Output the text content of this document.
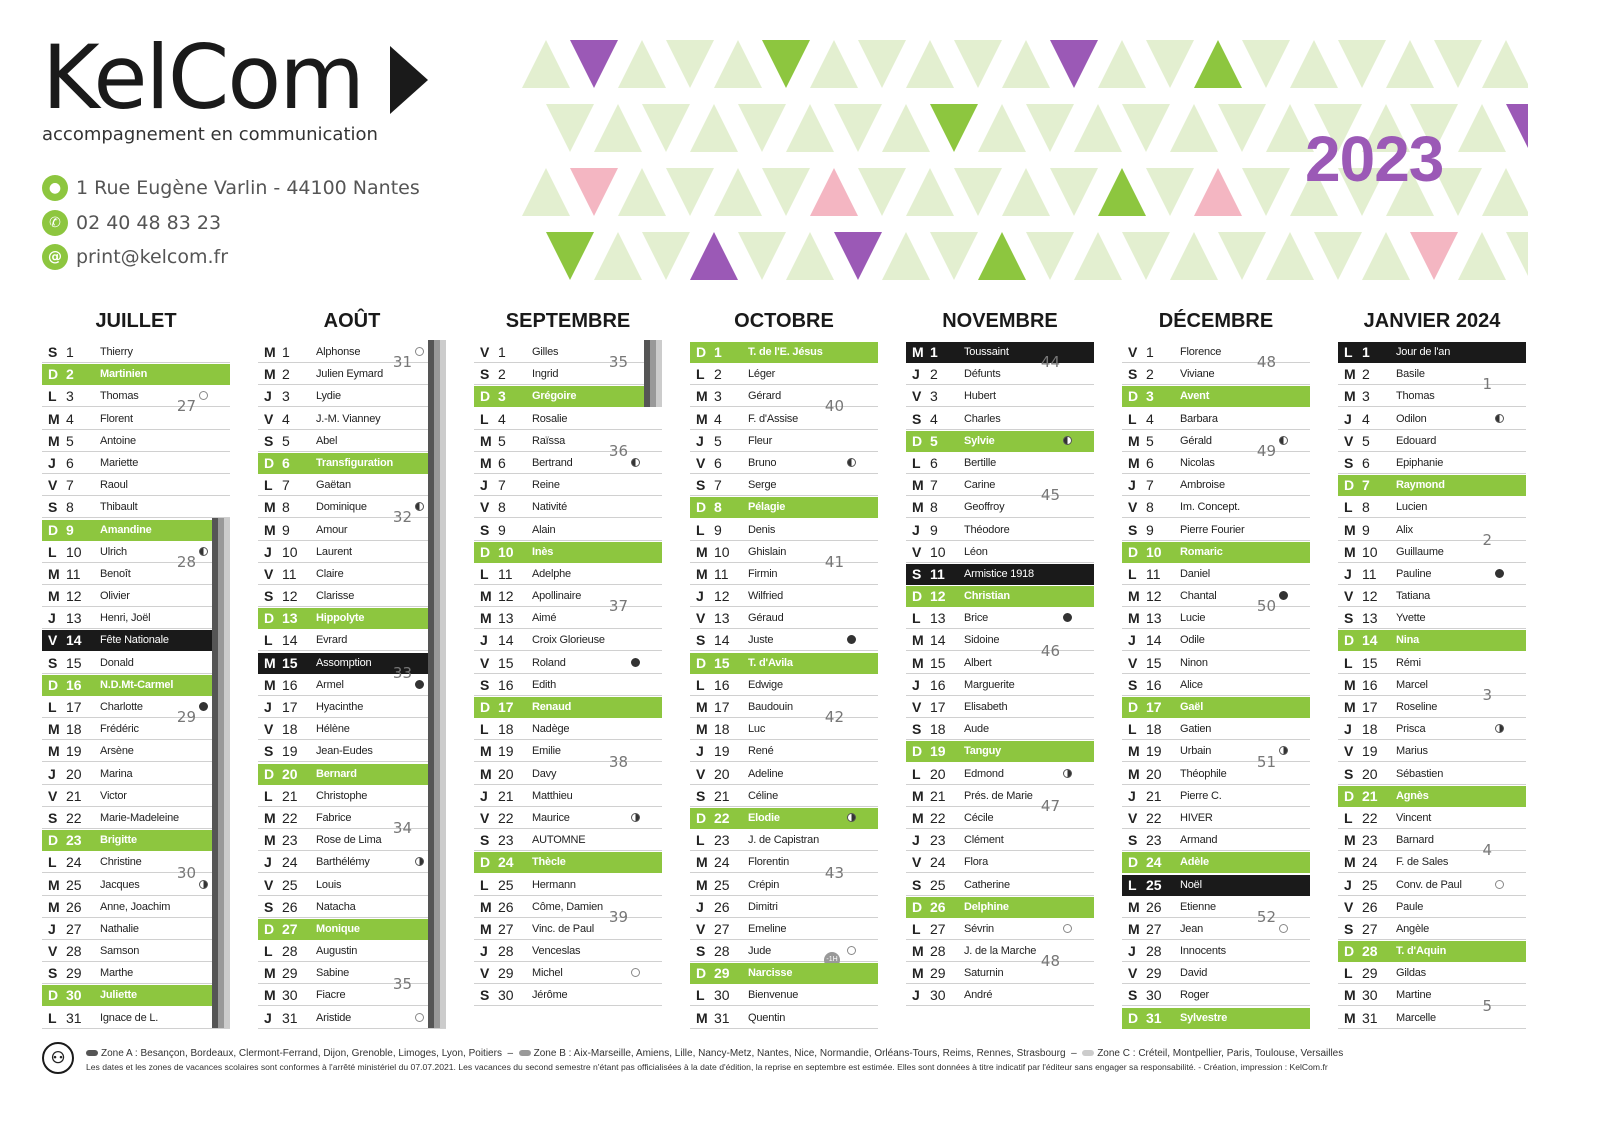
KelCom
accompagnement en communication
● 1 Rue Eugène Varlin - 44100 Nantes
✆ 02 40 48 83 23
@ print@kelcom.fr
2023
JUILLET
S 1	Thierry
D 2	Martinien
L 3	Thomas
M 4	Florent
M 5	Antoine
J 6	Mariette
V 7	Raoul
S 8	Thibault
D 9	Amandine
L 10	Ulrich
M 11	Benoît
M 12	Olivier
J 13	Henri, Joël
V 14	Fête Nationale
S 15	Donald
D 16	N.D.Mt-Carmel
L 17	Charlotte
M 18	Frédéric
M 19	Arsène
J 20	Marina
V 21	Victor
S 22	Marie-Madeleine
D 23	Brigitte
L 24	Christine
M 25	Jacques
M 26	Anne, Joachim
J 27	Nathalie
V 28	Samson
S 29	Marthe
D 30	Juliette
L 31	Ignace de L.
27
28
29
30
AOÛT
M 1	Alphonse
M 2	Julien Eymard
J 3	Lydie
V 4	J.-M. Vianney
S 5	Abel
D 6	Transfiguration
L 7	Gaëtan
M 8	Dominique
M 9	Amour
J 10	Laurent
V 11	Claire
S 12	Clarisse
D 13	Hippolyte
L 14	Evrard
M 15	Assomption
M 16	Armel
J 17	Hyacinthe
V 18	Hélène
S 19	Jean-Eudes
D 20	Bernard
L 21	Christophe
M 22	Fabrice
M 23	Rose de Lima
J 24	Barthélémy
V 25	Louis
S 26	Natacha
D 27	Monique
L 28	Augustin
M 29	Sabine
M 30	Fiacre
J 31	Aristide
31
32
33
34
35
SEPTEMBRE
V 1	Gilles
S 2	Ingrid
D 3	Grégoire
L 4	Rosalie
M 5	Raïssa
M 6	Bertrand
J 7	Reine
V 8	Nativité
S 9	Alain
D 10	Inès
L 11	Adelphe
M 12	Apollinaire
M 13	Aimé
J 14	Croix Glorieuse
V 15	Roland
S 16	Edith
D 17	Renaud
L 18	Nadège
M 19	Emilie
M 20	Davy
J 21	Matthieu
V 22	Maurice
S 23	AUTOMNE
D 24	Thècle
L 25	Hermann
M 26	Côme, Damien
M 27	Vinc. de Paul
J 28	Venceslas
V 29	Michel
S 30	Jérôme
35
36
37
38
39
OCTOBRE
D 1	T. de l'E. Jésus
L 2	Léger
M 3	Gérard
M 4	F. d'Assise
J 5	Fleur
V 6	Bruno
S 7	Serge
D 8	Pélagie
L 9	Denis
M 10	Ghislain
M 11	Firmin
J 12	Wilfried
V 13	Géraud
S 14	Juste
D 15	T. d'Avila
L 16	Edwige
M 17	Baudouin
M 18	Luc
J 19	René
V 20	Adeline
S 21	Céline
D 22	Elodie
L 23	J. de Capistran
M 24	Florentin
M 25	Crépin
J 26	Dimitri
V 27	Emeline
S 28	Jude
-1H
D 29	Narcisse
L 30	Bienvenue
M 31	Quentin
40
41
42
43
NOVEMBRE
M 1	Toussaint
J 2	Défunts
V 3	Hubert
S 4	Charles
D 5	Sylvie
L 6	Bertille
M 7	Carine
M 8	Geoffroy
J 9	Théodore
V 10	Léon
S 11	Armistice 1918
D 12	Christian
L 13	Brice
M 14	Sidoine
M 15	Albert
J 16	Marguerite
V 17	Elisabeth
S 18	Aude
D 19	Tanguy
L 20	Edmond
M 21	Prés. de Marie
M 22	Cécile
J 23	Clément
V 24	Flora
S 25	Catherine
D 26	Delphine
L 27	Sévrin
M 28	J. de la Marche
M 29	Saturnin
J 30	André
44
45
46
47
48
DÉCEMBRE
V 1	Florence
S 2	Viviane
D 3	Avent
L 4	Barbara
M 5	Gérald
M 6	Nicolas
J 7	Ambroise
V 8	Im. Concept.
S 9	Pierre Fourier
D 10	Romaric
L 11	Daniel
M 12	Chantal
M 13	Lucie
J 14	Odile
V 15	Ninon
S 16	Alice
D 17	Gaël
L 18	Gatien
M 19	Urbain
M 20	Théophile
J 21	Pierre C.
V 22	HIVER
S 23	Armand
D 24	Adèle
L 25	Noël
M 26	Etienne
M 27	Jean
J 28	Innocents
V 29	David
S 30	Roger
D 31	Sylvestre
48
49
50
51
52
JANVIER 2024
L 1	Jour de l'an
M 2	Basile
M 3	Thomas
J 4	Odilon
V 5	Edouard
S 6	Epiphanie
D 7	Raymond
L 8	Lucien
M 9	Alix
M 10	Guillaume
J 11	Pauline
V 12	Tatiana
S 13	Yvette
D 14	Nina
L 15	Rémi
M 16	Marcel
M 17	Roseline
J 18	Prisca
V 19	Marius
S 20	Sébastien
D 21	Agnès
L 22	Vincent
M 23	Barnard
M 24	F. de Sales
J 25	Conv. de Paul
V 26	Paule
S 27	Angèle
D 28	T. d'Aquin
L 29	Gildas
M 30	Martine
M 31	Marcelle
1
2
3
4
5
⚇	Zone A : Besançon, Bordeaux, Clermont-Ferrand, Dijon, Grenoble, Limoges, Lyon, Poitiers  –  Zone B : Aix-Marseille, Amiens, Lille, Nancy-Metz, Nantes, Nice, Normandie, Orléans-Tours, Reims, Rennes, Strasbourg  –  Zone C : Créteil, Montpellier, Paris, Toulouse, Versailles
Les dates et les zones de vacances scolaires sont conformes à l'arrêté ministériel du 07.07.2021. Les vacances du second semestre n'étant pas officialisées à la date d'édition, la reprise en septembre est estimée. Elles sont données à titre indicatif par l'éditeur sans engager sa responsabilité. - Création, impression : KelCom.fr
